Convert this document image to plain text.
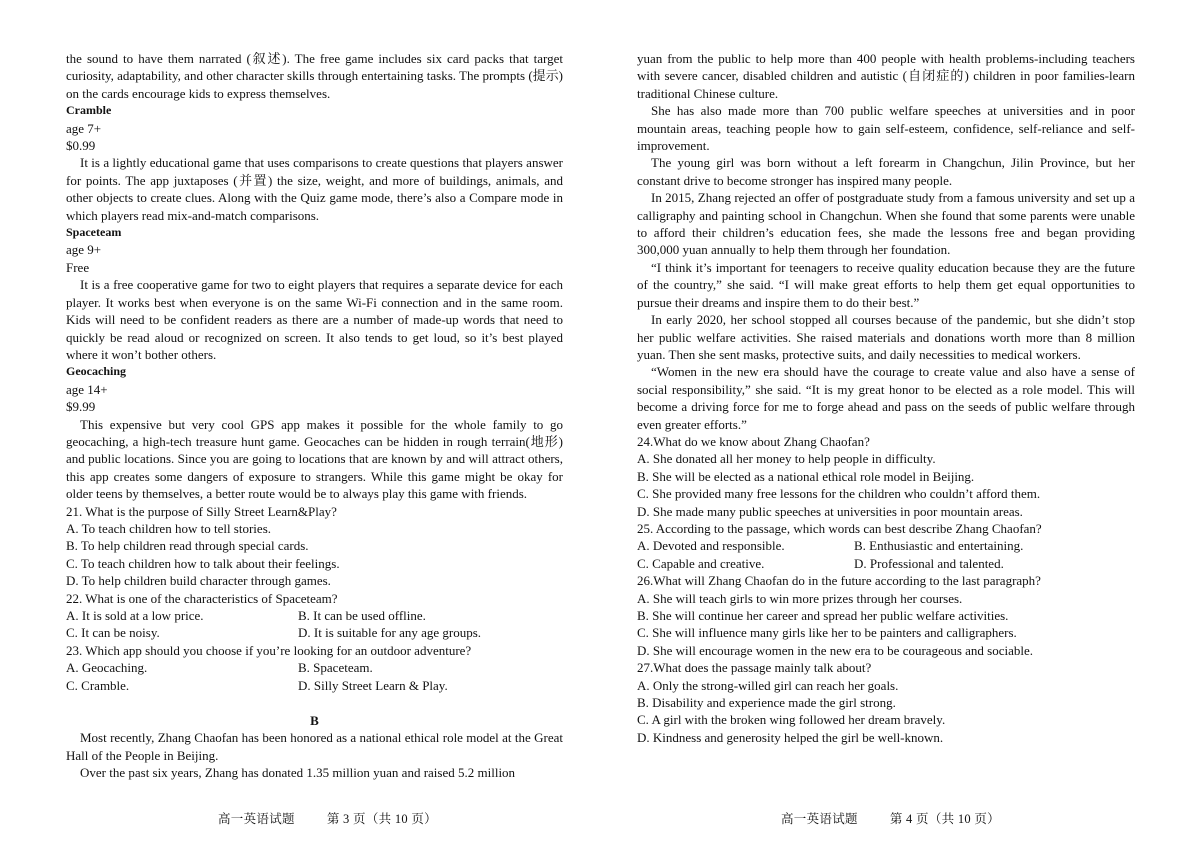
the sound to have them narrated (叙述). The free game includes six card packs that target curiosity, adaptability, and other character skills through entertaining tasks. The prompts (提示) on the cards encourage kids to express themselves.

Cramble

age 7+

$0.99

It is a lightly educational game that uses comparisons to create questions that players answer for points. The app juxtaposes (并置) the size, weight, and more of buildings, animals, and other objects to create clues. Along with the Quiz game mode, there’s also a Compare mode in which players read mix-and-match comparisons.

Spaceteam

age 9+

Free

It is a free cooperative game for two to eight players that requires a separate device for each player. It works best when everyone is on the same Wi-Fi connection and in the same room. Kids will need to be confident readers as there are a number of made-up words that need to quickly be read aloud or recognized on screen. It also tends to get loud, so it’s best played where it won’t bother others.

Geocaching

age 14+

$9.99

This expensive but very cool GPS app makes it possible for the whole family to go geocaching, a high-tech treasure hunt game. Geocaches can be hidden in rough terrain(地形) and public locations. Since you are going to locations that are known by and will attract others, this app creates some dangers of exposure to strangers. While this game might be okay for older teens by themselves, a better route would be to always play this game with friends.

21. What is the purpose of Silly Street Learn&Play?

A. To teach children how to tell stories.

B. To help children read through special cards.

C. To teach children how to talk about their feelings.

D. To help children build character through games.

22. What is one of the characteristics of Spaceteam?

A. It is sold at a low price.	B. It can be used offline.
C. It can be noisy.	D. It is suitable for any age groups.

23. Which app should you choose if you’re looking for an outdoor adventure?

A. Geocaching.	B. Spaceteam.
C. Cramble.	D. Silly Street Learn & Play.

B

Most recently, Zhang Chaofan has been honored as a national ethical role model at the Great Hall of the People in Beijing.

Over the past six years, Zhang has donated 1.35 million yuan and raised 5.2 million

yuan from the public to help more than 400 people with health problems-including teachers with severe cancer, disabled children and autistic (自闭症的) children in poor families-learn traditional Chinese culture.

She has also made more than 700 public welfare speeches at universities and in poor mountain areas, teaching people how to gain self-esteem, confidence, self-reliance and self-improvement.

The young girl was born without a left forearm in Changchun, Jilin Province, but her constant drive to become stronger has inspired many people.

In 2015, Zhang rejected an offer of postgraduate study from a famous university and set up a calligraphy and painting school in Changchun. When she found that some parents were unable to afford their children’s education fees, she made the lessons free and began providing 300,000 yuan annually to help them through her foundation.

“I think it’s important for teenagers to receive quality education because they are the future of the country,” she said. “I will make great efforts to help them get equal opportunities to pursue their dreams and inspire them to do their best.”

In early 2020, her school stopped all courses because of the pandemic, but she didn’t stop her public welfare activities. She raised materials and donations worth more than 8 million yuan. Then she sent masks, protective suits, and daily necessities to medical workers.

“Women in the new era should have the courage to create value and also have a sense of social responsibility,” she said. “It is my great honor to be elected as a role model. This will become a driving force for me to forge ahead and pass on the seeds of public welfare through even greater efforts.”

24.What do we know about Zhang Chaofan?

A. She donated all her money to help people in difficulty.

B. She will be elected as a national ethical role model in Beijing.

C. She provided many free lessons for the children who couldn’t afford them.

D. She made many public speeches at universities in poor mountain areas.

25. According to the passage, which words can best describe Zhang Chaofan?

A. Devoted and responsible.	B. Enthusiastic and entertaining.
C. Capable and creative.	D. Professional and talented.

26.What will Zhang Chaofan do in the future according to the last paragraph?

A. She will teach girls to win more prizes through her courses.

B. She will continue her career and spread her public welfare activities.

C. She will influence many girls like her to be painters and calligraphers.

D. She will encourage women in the new era to be courageous and sociable.

27.What does the passage mainly talk about?

A. Only the strong-willed girl can reach her goals.

B. Disability and experience made the girl strong.

C. A girl with the broken wing followed her dream bravely.

D. Kindness and generosity helped the girl be well-known.

高一英语试题	第 3 页（共 10 页）	高一英语试题	第 4 页（共 10 页）
